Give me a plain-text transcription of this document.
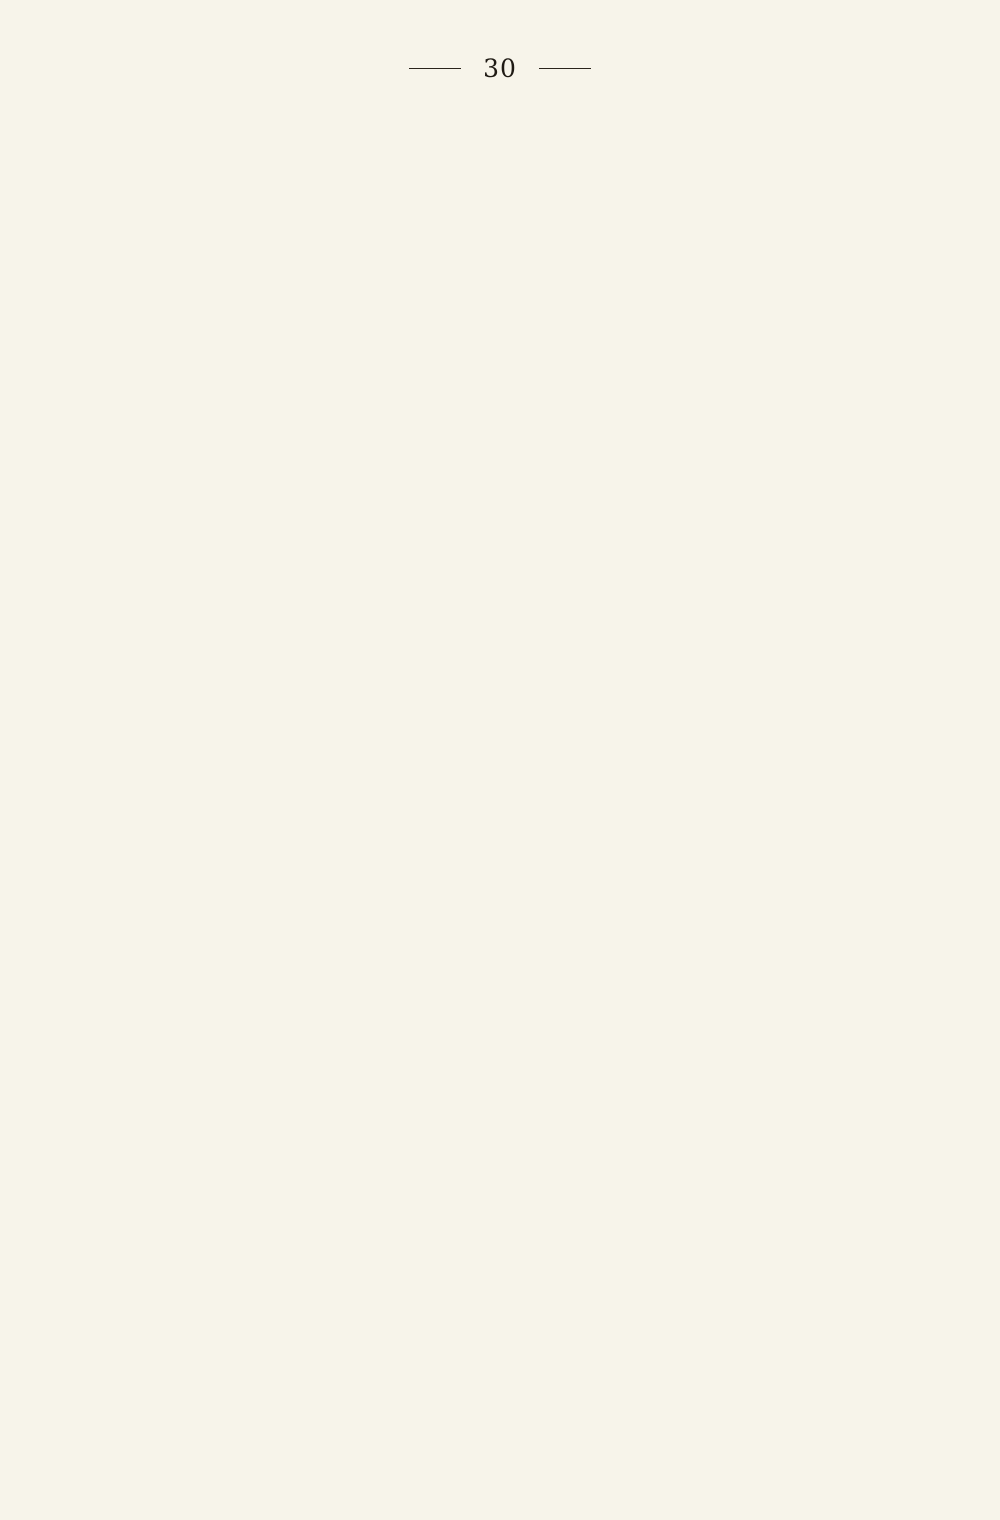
30
